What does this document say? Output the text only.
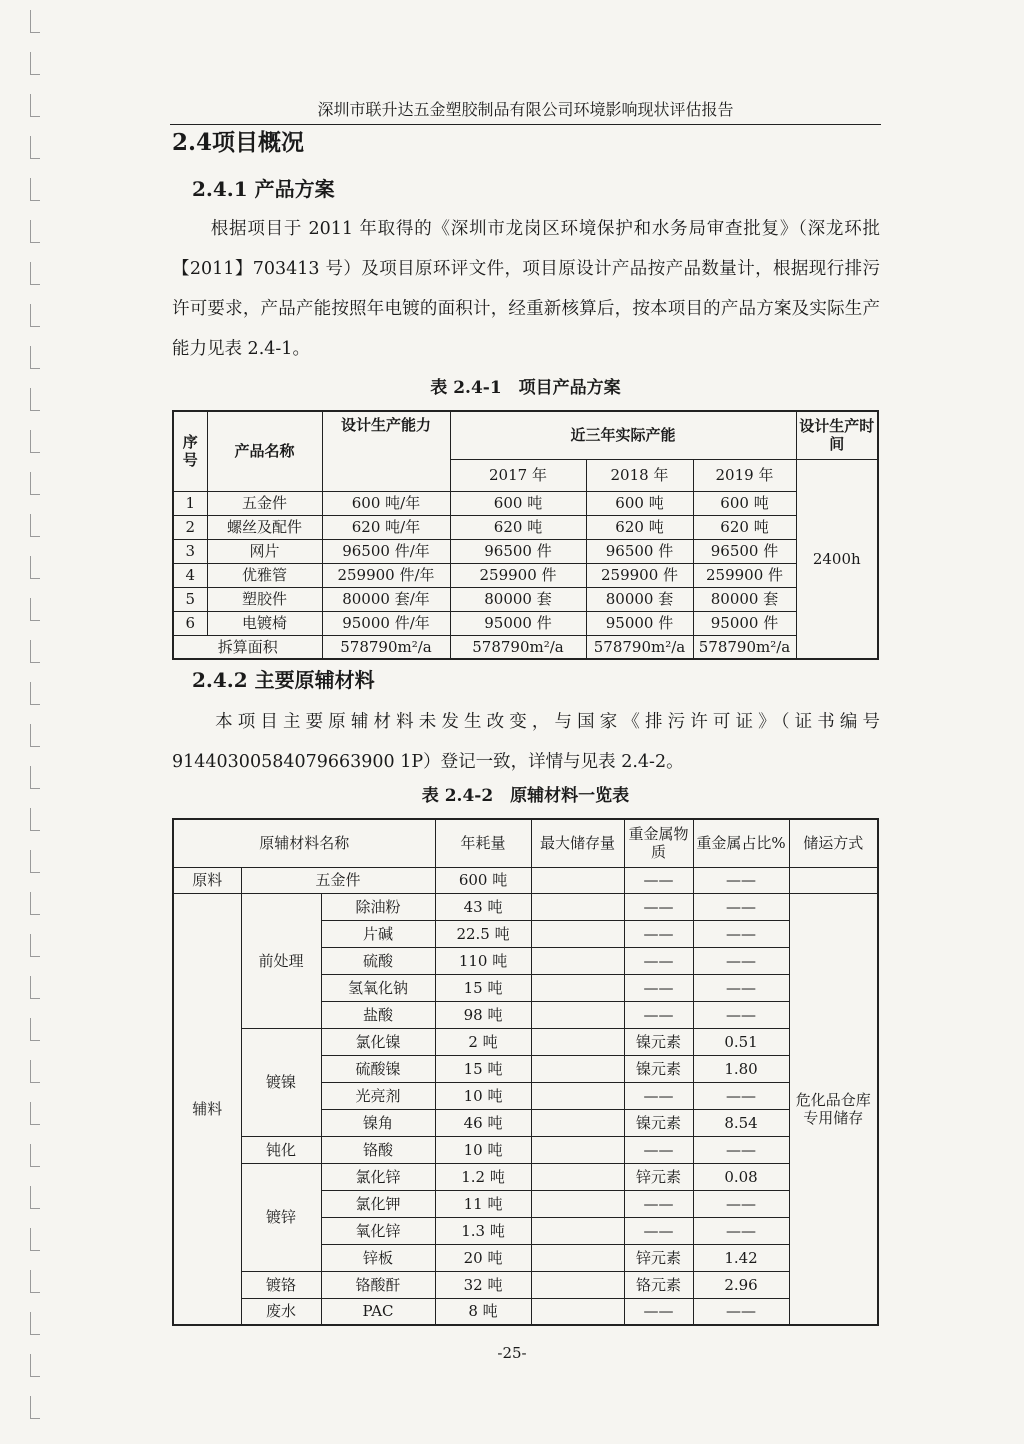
深圳市联升达五金塑胶制品有限公司环境影响现状评估报告
2.4项目概况
2.4.1 产品方案
根据项目于 2011 年取得的《深圳市龙岗区环境保护和水务局审查批复》（深龙环批【2011】703413 号）及项目原环评文件，项目原设计产品按产品数量计，根据现行排污许可要求，产品产能按照年电镀的面积计，经重新核算后，按本项目的产品方案及实际生产能力见表 2.4-1。
表 2.4-1　项目产品方案
序号	产品名称	设计生产能力	近三年实际产能			设计生产时间
			2017 年	2018 年	2019 年	2400h
1	五金件	600 吨/年	600 吨	600 吨	600 吨	
2	螺丝及配件	620 吨/年	620 吨	620 吨	620 吨	
3	网片	96500 件/年	96500 件	96500 件	96500 件	
4	优雅管	259900 件/年	259900 件	259900 件	259900 件	
5	塑胶件	80000 套/年	80000 套	80000 套	80000 套	
6	电镀椅	95000 件/年	95000 件	95000 件	95000 件	
拆算面积		578790m²/a	578790m²/a	578790m²/a	578790m²/a	
2.4.2 主要原辅材料
本项目主要原辅材料未发生改变，与国家《排污许可证》（证书编号91440300584079663900 1P）登记一致，详情与见表 2.4-2。
表 2.4-2　原辅材料一览表
原辅材料名称			年耗量	最大储存量	重金属物质	重金属占比%	储运方式
原料	五金件		600 吨		——	——	
辅料	前处理	除油粉	43 吨		——	——	危化品仓库专用储存
		片碱	22.5 吨		——	——	
		硫酸	110 吨		——	——	
		氢氧化钠	15 吨		——	——	
		盐酸	98 吨		——	——	
	镀镍	氯化镍	2 吨		镍元素	0.51	
		硫酸镍	15 吨		镍元素	1.80	
		光亮剂	10 吨		——	——	
		镍角	46 吨		镍元素	8.54	
	钝化	铬酸	10 吨		——	——	
	镀锌	氯化锌	1.2 吨		锌元素	0.08	
		氯化钾	11 吨		——	——	
		氧化锌	1.3 吨		——	——	
		锌板	20 吨		锌元素	1.42	
	镀铬	铬酸酐	32 吨		铬元素	2.96	
	废水	PAC	8 吨		——	——	
-25-
